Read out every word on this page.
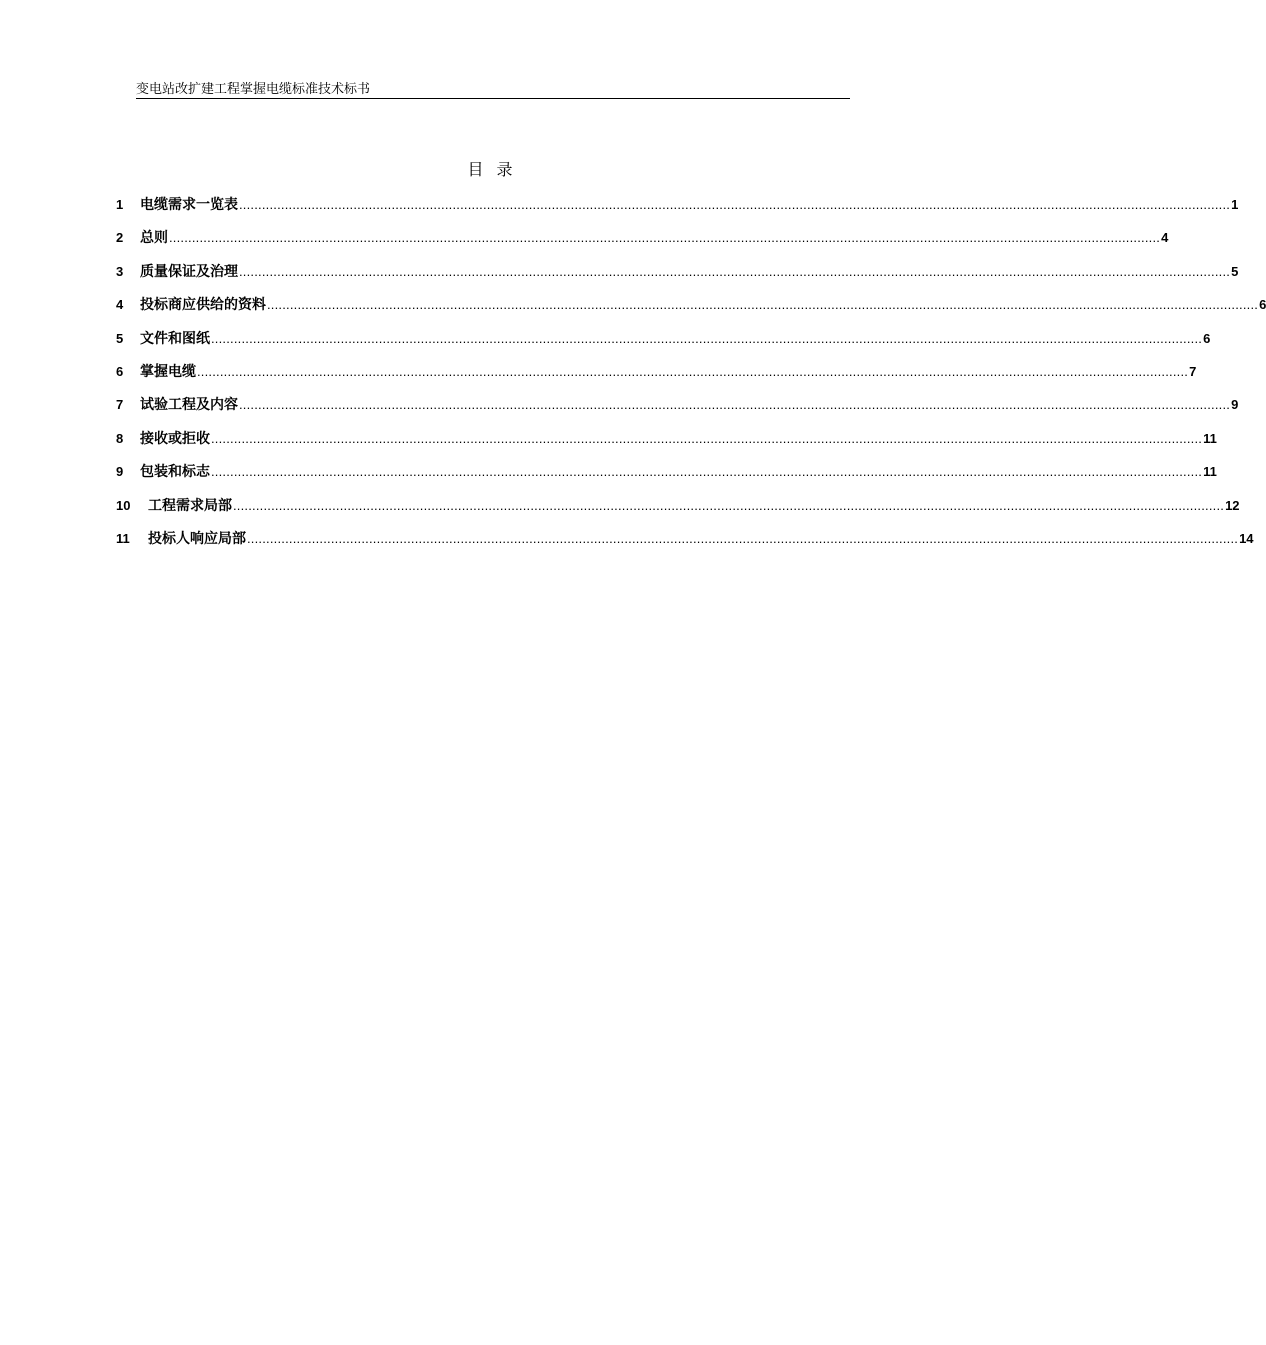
变电站改扩建工程掌握电缆标准技术标书
目 录
1	电缆需求一览表 .................................................................................................................................................................................................................................................................... 1
2	总则 .................................................................................................................................................................................................................................................................... 4
3	质量保证及治理 .................................................................................................................................................................................................................................................................... 5
4	投标商应供给的资料 .................................................................................................................................................................................................................................................................... 6
5	文件和图纸 .................................................................................................................................................................................................................................................................... 6
6	掌握电缆 .................................................................................................................................................................................................................................................................... 7
7	试验工程及内容 .................................................................................................................................................................................................................................................................... 9
8	接收或拒收 .................................................................................................................................................................................................................................................................... 11
9	包装和标志 .................................................................................................................................................................................................................................................................... 11
10	工程需求局部 .................................................................................................................................................................................................................................................................... 12
11	投标人响应局部 .................................................................................................................................................................................................................................................................... 14
